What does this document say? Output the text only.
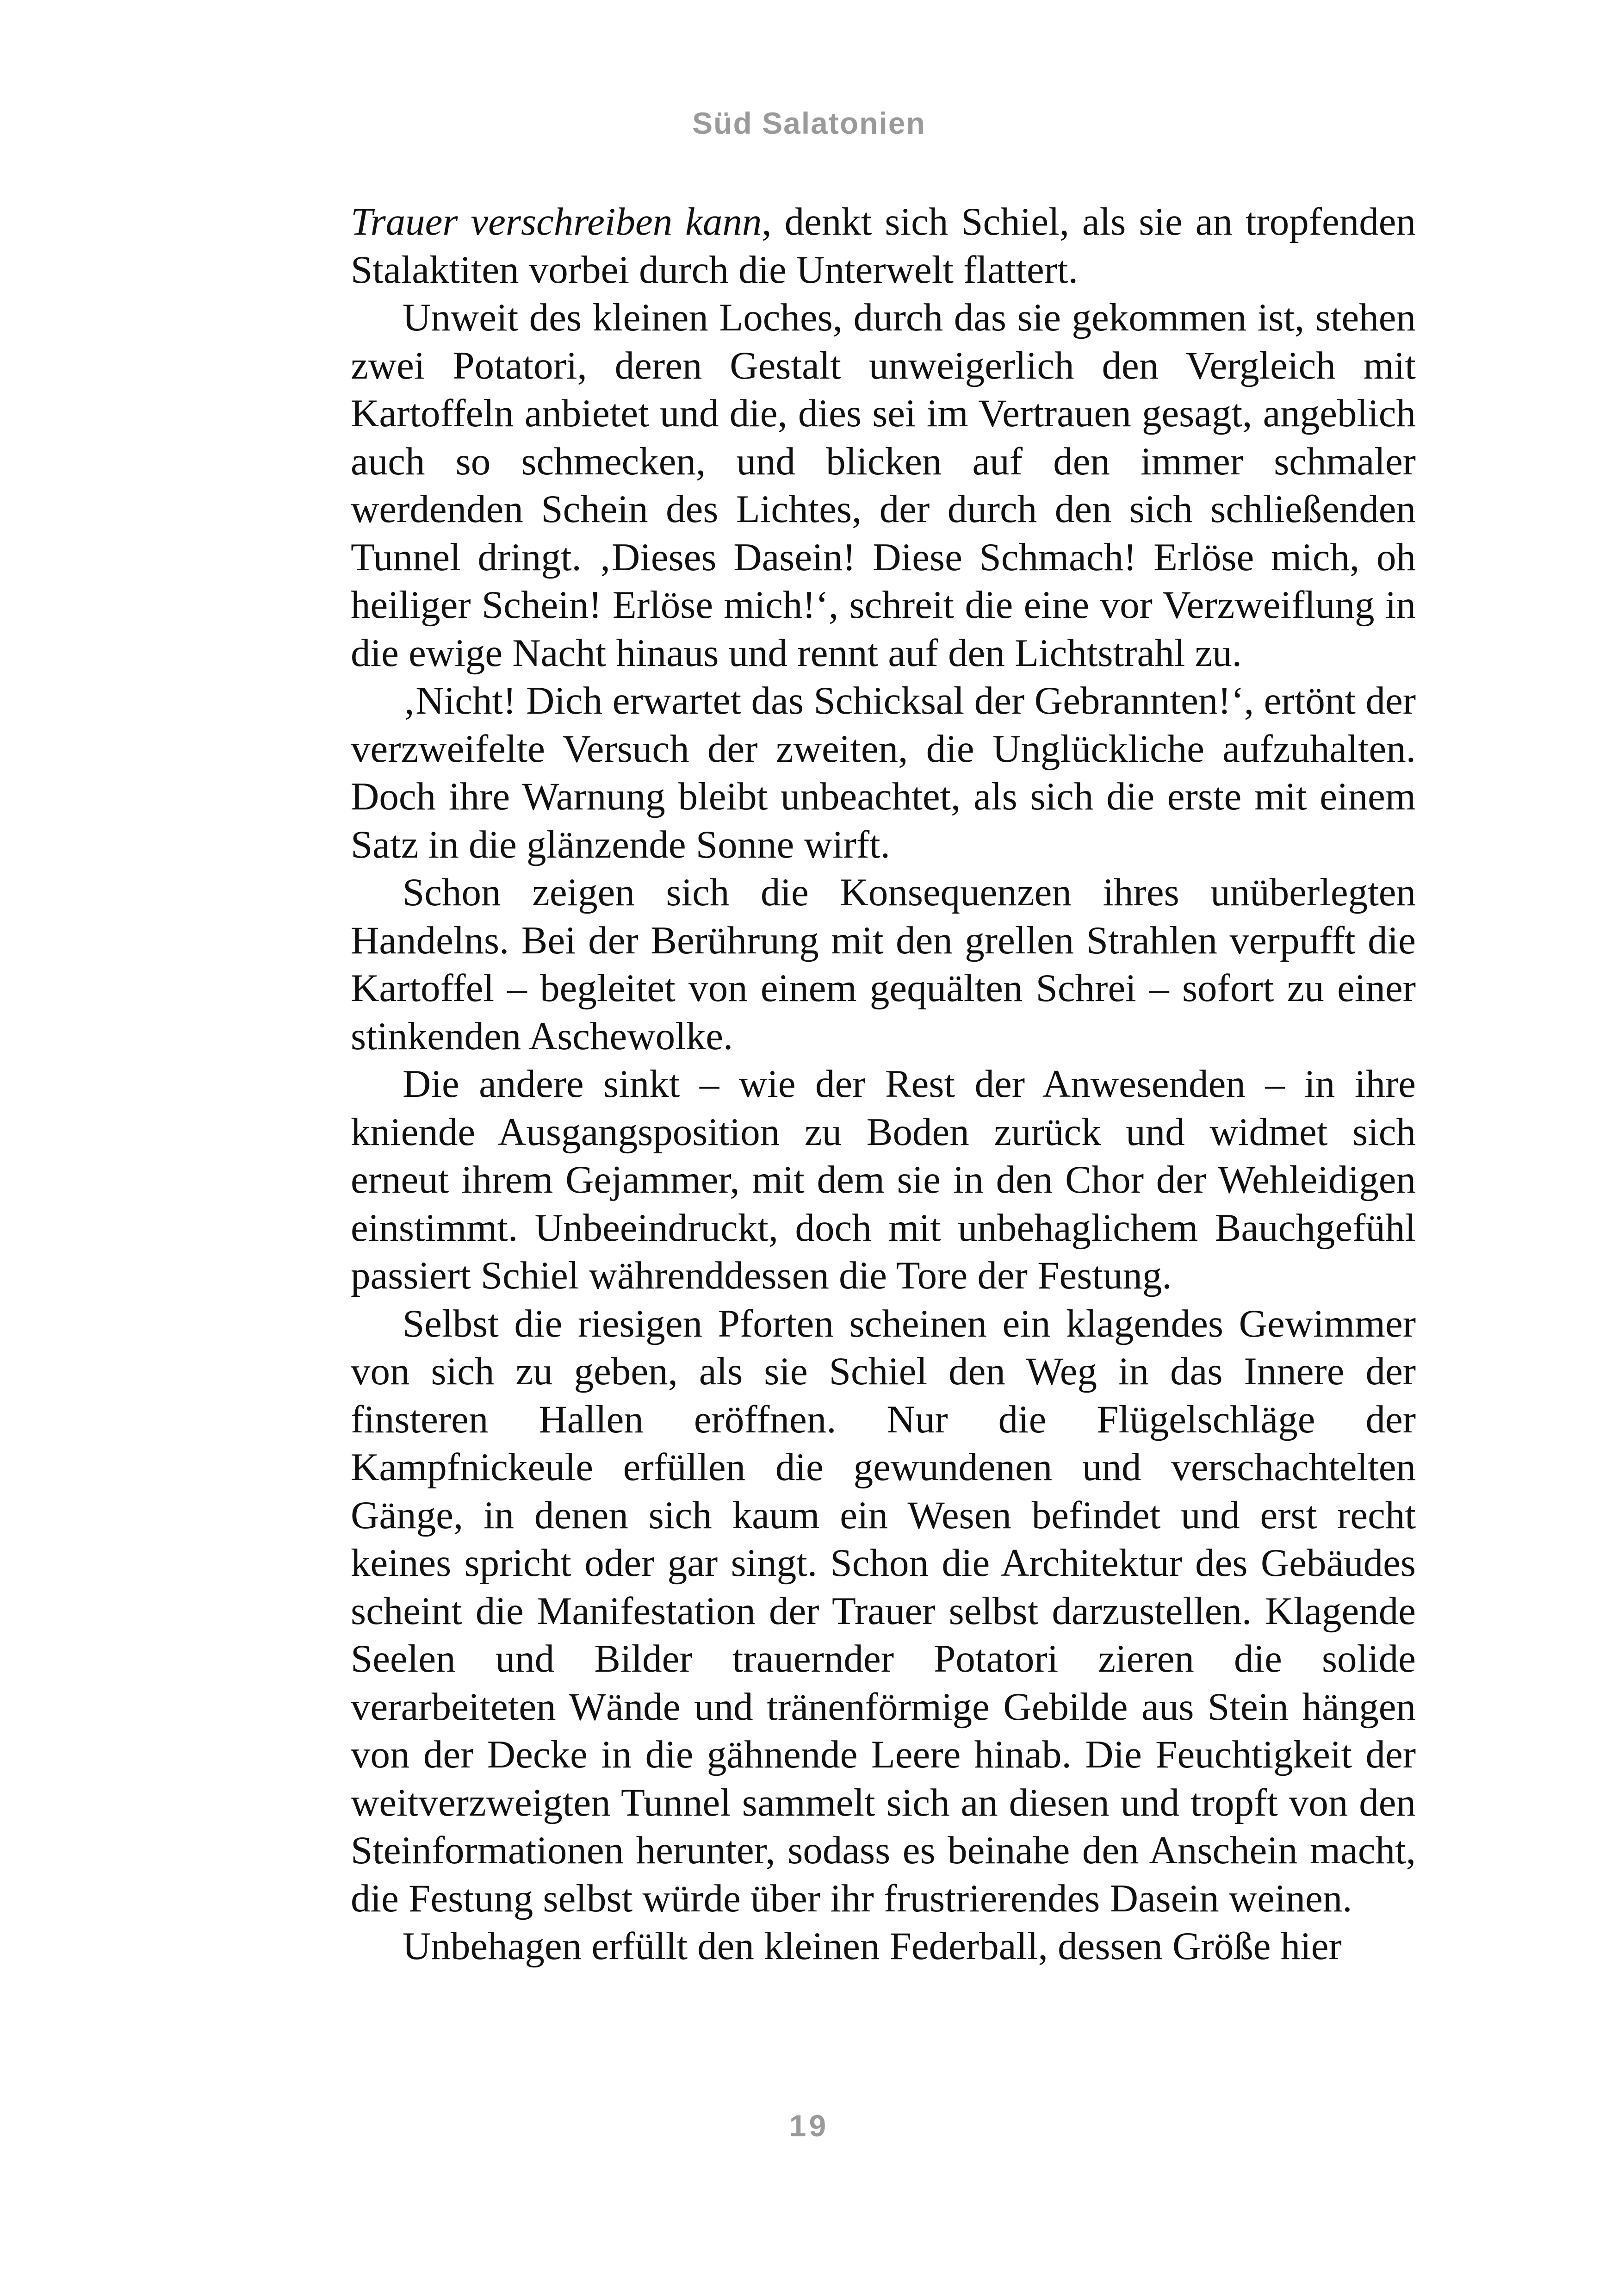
Süd Salatonien

Trauer verschreiben kann, denkt sich Schiel, als sie an tropfenden Stalaktiten vorbei durch die Unterwelt flattert.

Unweit des kleinen Loches, durch das sie gekommen ist, stehen zwei Potatori, deren Gestalt unweigerlich den Vergleich mit Kartoffeln anbietet und die, dies sei im Vertrauen gesagt, angeblich auch so schmecken, und blicken auf den immer schmaler werdenden Schein des Lichtes, der durch den sich schließenden Tunnel dringt. ‚Dieses Dasein! Diese Schmach! Erlöse mich, oh heiliger Schein! Erlöse mich!‘, schreit die eine vor Verzweiflung in die ewige Nacht hinaus und rennt auf den Lichtstrahl zu.

‚Nicht! Dich erwartet das Schicksal der Gebrannten!‘, ertönt der verzweifelte Versuch der zweiten, die Unglückliche aufzuhalten. Doch ihre Warnung bleibt unbeachtet, als sich die erste mit einem Satz in die glänzende Sonne wirft.

Schon zeigen sich die Konsequenzen ihres unüberlegten Handelns. Bei der Berührung mit den grellen Strahlen verpufft die Kartoffel – begleitet von einem gequälten Schrei – sofort zu einer stinkenden Aschewolke.

Die andere sinkt – wie der Rest der Anwesenden – in ihre kniende Ausgangsposition zu Boden zurück und widmet sich erneut ihrem Gejammer, mit dem sie in den Chor der Wehleidigen einstimmt. Unbeeindruckt, doch mit unbehaglichem Bauchgefühl passiert Schiel währenddessen die Tore der Festung.

Selbst die riesigen Pforten scheinen ein klagendes Gewimmer von sich zu geben, als sie Schiel den Weg in das Innere der finsteren Hallen eröffnen. Nur die Flügelschläge der Kampfnickeule erfüllen die gewundenen und verschachtelten Gänge, in denen sich kaum ein Wesen befindet und erst recht keines spricht oder gar singt. Schon die Architektur des Gebäudes scheint die Manifestation der Trauer selbst darzustellen. Klagende Seelen und Bilder trauernder Potatori zieren die solide verarbeiteten Wände und tränenförmige Gebilde aus Stein hängen von der Decke in die gähnende Leere hinab. Die Feuchtigkeit der weitverzweigten Tunnel sammelt sich an diesen und tropft von den Steinformationen herunter, sodass es beinahe den Anschein macht, die Festung selbst würde über ihr frustrierendes Dasein weinen.

Unbehagen erfüllt den kleinen Federball, dessen Größe hier

19
